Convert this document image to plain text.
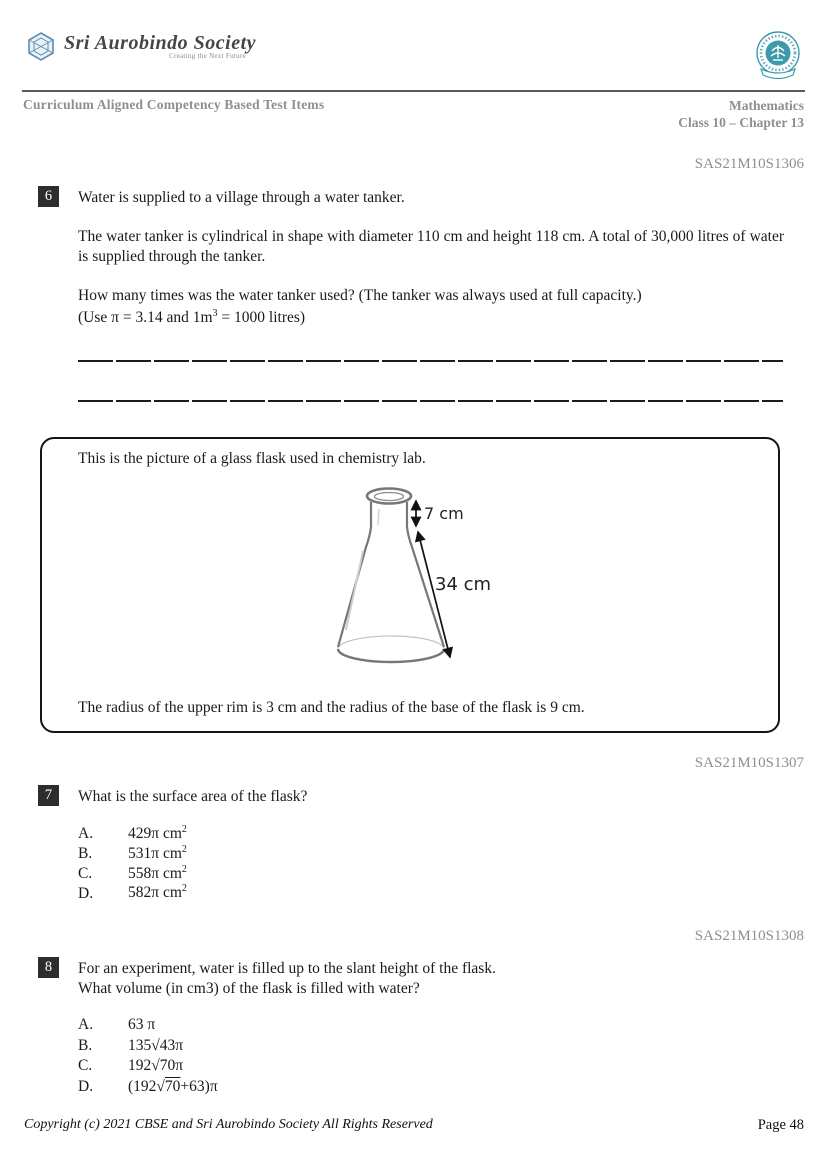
Sri Aurobindo Society
Creating the Next Future
Curriculum Aligned Competency Based Test Items	Mathematics
Class 10 – Chapter 13
SAS21M10S1306
6	Water is supplied to a village through a water tanker.
The water tanker is cylindrical in shape with diameter 110 cm and height 118 cm. A total of 30,000 litres of water is supplied through the tanker.
How many times was the water tanker used? (The tanker was always used at full capacity.)
(Use π = 3.14 and $1m^3 = 1000$ litres)
This is the picture of a glass flask used in chemistry lab.
7 cm
34 cm
The radius of the upper rim is 3 cm and the radius of the base of the flask is 9 cm.
SAS21M10S1307
7	What is the surface area of the flask?
A.	429π $cm^2$
B.	531π $cm^2$
C.	558π $cm^2$
D.	582π $cm^2$
SAS21M10S1308
8	For an experiment, water is filled up to the slant height of the flask.
What volume (in cm3) of the flask is filled with water?
A.	63 π
B.	135√43π
C.	192√70π
D.	(192√70+63)π
Copyright (c) 2021 CBSE and Sri Aurobindo Society All Rights Reserved	Page 48
